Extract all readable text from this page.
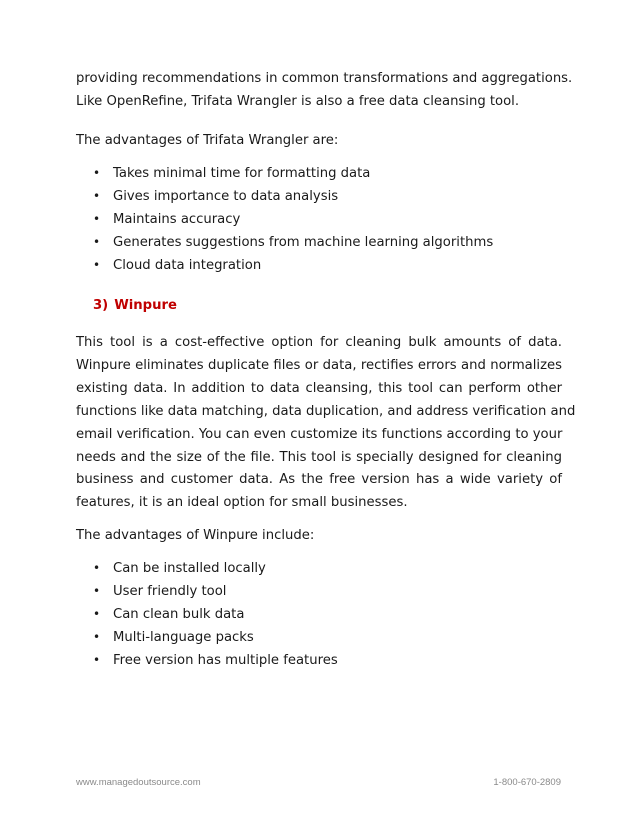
providing recommendations in common transformations and aggregations.
Like OpenRefine, Trifata Wrangler is also a free data cleansing tool.

The advantages of Trifata Wrangler are:

• Takes minimal time for formatting data
• Gives importance to data analysis
• Maintains accuracy
• Generates suggestions from machine learning algorithms
• Cloud data integration
3) Winpure

This tool is a cost-effective option for cleaning bulk amounts of data.
Winpure eliminates duplicate files or data, rectifies errors and normalizes
existing data. In addition to data cleansing, this tool can perform other
functions like data matching, data duplication, and address verification and
email verification. You can even customize its functions according to your
needs and the size of the file. This tool is specially designed for cleaning
business and customer data. As the free version has a wide variety of
features, it is an ideal option for small businesses.

The advantages of Winpure include:

• Can be installed locally
• User friendly tool
• Can clean bulk data
• Multi-language packs
• Free version has multiple features
www.managedoutsource.com	1-800-670-2809
